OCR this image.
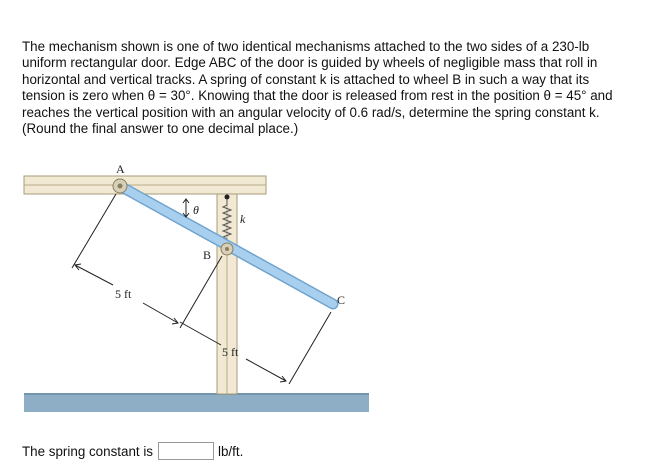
The mechanism shown is one of two identical mechanisms attached to the two sides of a 230-lb uniform rectangular door. Edge ABC of the door is guided by wheels of negligible mass that roll in horizontal and vertical tracks. A spring of constant k is attached to wheel B in such a way that its tension is zero when θ = 30°. Knowing that the door is released from rest in the position θ = 45° and reaches the vertical position with an angular velocity of 0.6 rad/s, determine the spring constant k. (Round the final answer to one decimal place.)

A
B
C
k
θ
5 ft
5 ft
The spring constant is	lb/ft.
